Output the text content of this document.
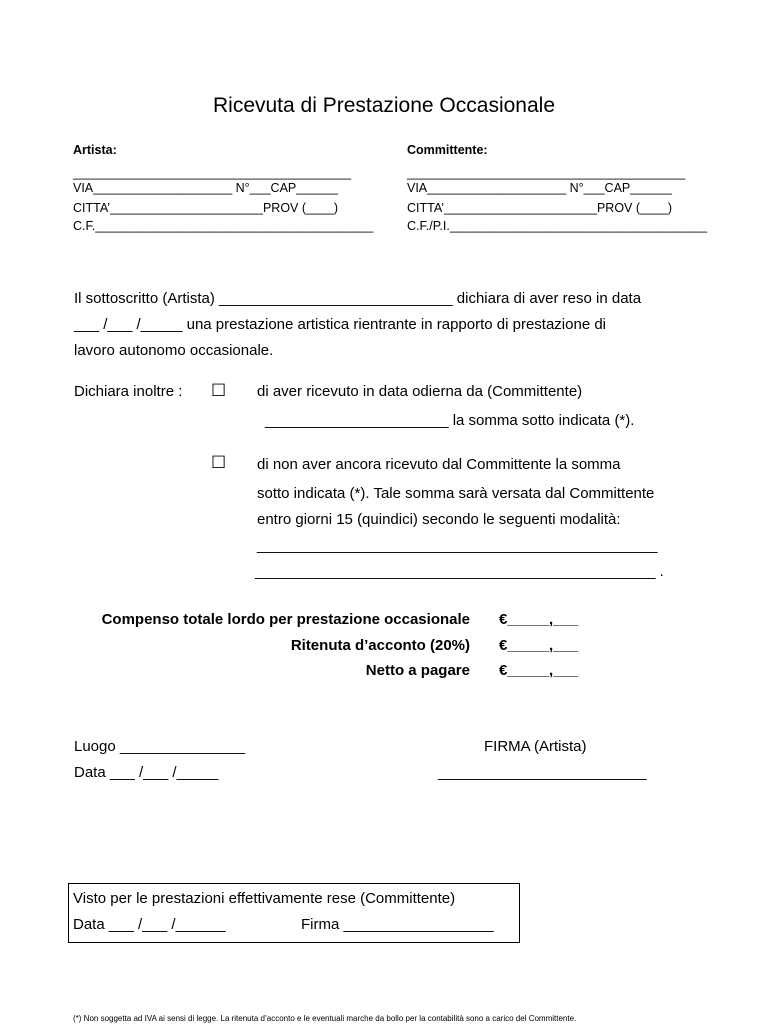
Ricevuta di Prestazione Occasionale
Artista:
________________________________________
VIA____________________ N°___CAP______
CITTA’______________________PROV (____)
C.F.________________________________________
Committente:
________________________________________
VIA____________________ N°___CAP______
CITTA’______________________PROV (____)
C.F./P.I._____________________________________
Il sottoscritto (Artista) ____________________________ dichiara di aver reso in data
___ /___ /_____ una prestazione artistica rientrante in rapporto di prestazione di
lavoro autonomo occasionale.
Dichiara inoltre : ☐ di aver ricevuto in data odierna da (Committente)
______________________ la somma sotto indicata (*).
☐ di non aver ancora ricevuto dal Committente la somma
sotto indicata (*). Tale somma sarà versata dal Committente
entro giorni 15 (quindici) secondo le seguenti modalità:
________________________________________________
________________________________________________ .
Compenso totale lordo per prestazione occasionale €_____,___
Ritenuta d’acconto (20%) €_____,___
Netto a pagare €_____,___
Luogo _______________
Data ___ /___ /_____
FIRMA (Artista)
_________________________
Visto per le prestazioni effettivamente rese (Committente)
Data ___ /___ /______	Firma __________________
(*) Non soggetta ad IVA ai sensi di legge. La ritenuta d’acconto e le eventuali marche da bollo per la contabilità sono a carico del Committente.
